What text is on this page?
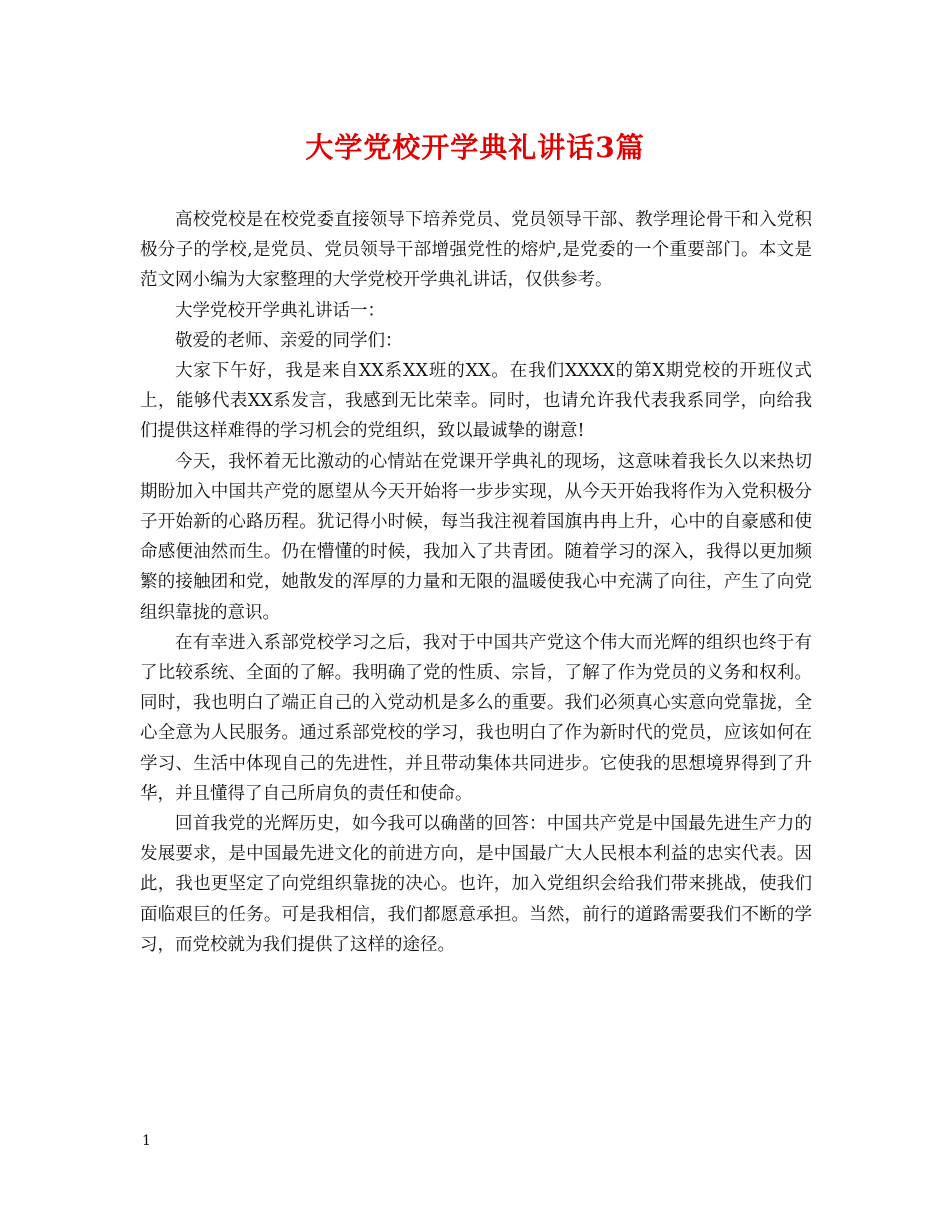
大学党校开学典礼讲话3篇

高校党校是在校党委直接领导下培养党员、党员领导干部、教学理论骨干和入党积极分子的学校,是党员、党员领导干部增强党性的熔炉,是党委的一个重要部门。本文是范文网小编为大家整理的大学党校开学典礼讲话，仅供参考。

大学党校开学典礼讲话一：

敬爱的老师、亲爱的同学们：

大家下午好，我是来自XX系XX班的XX。在我们XXXX的第X期党校的开班仪式上，能够代表XX系发言，我感到无比荣幸。同时，也请允许我代表我系同学，向给我们提供这样难得的学习机会的党组织，致以最诚挚的谢意!

今天，我怀着无比激动的心情站在党课开学典礼的现场，这意味着我长久以来热切期盼加入中国共产党的愿望从今天开始将一步步实现，从今天开始我将作为入党积极分子开始新的心路历程。犹记得小时候，每当我注视着国旗冉冉上升，心中的自豪感和使命感便油然而生。仍在懵懂的时候，我加入了共青团。随着学习的深入，我得以更加频繁的接触团和党，她散发的浑厚的力量和无限的温暖使我心中充满了向往，产生了向党组织靠拢的意识。

在有幸进入系部党校学习之后，我对于中国共产党这个伟大而光辉的组织也终于有了比较系统、全面的了解。我明确了党的性质、宗旨，了解了作为党员的义务和权利。同时，我也明白了端正自己的入党动机是多么的重要。我们必须真心实意向党靠拢，全心全意为人民服务。通过系部党校的学习，我也明白了作为新时代的党员，应该如何在学习、生活中体现自己的先进性，并且带动集体共同进步。它使我的思想境界得到了升华，并且懂得了自己所肩负的责任和使命。

回首我党的光辉历史，如今我可以确凿的回答：中国共产党是中国最先进生产力的发展要求，是中国最先进文化的前进方向，是中国最广大人民根本利益的忠实代表。因此，我也更坚定了向党组织靠拢的决心。也许，加入党组织会给我们带来挑战，使我们面临艰巨的任务。可是我相信，我们都愿意承担。当然，前行的道路需要我们不断的学习，而党校就为我们提供了这样的途径。

1
